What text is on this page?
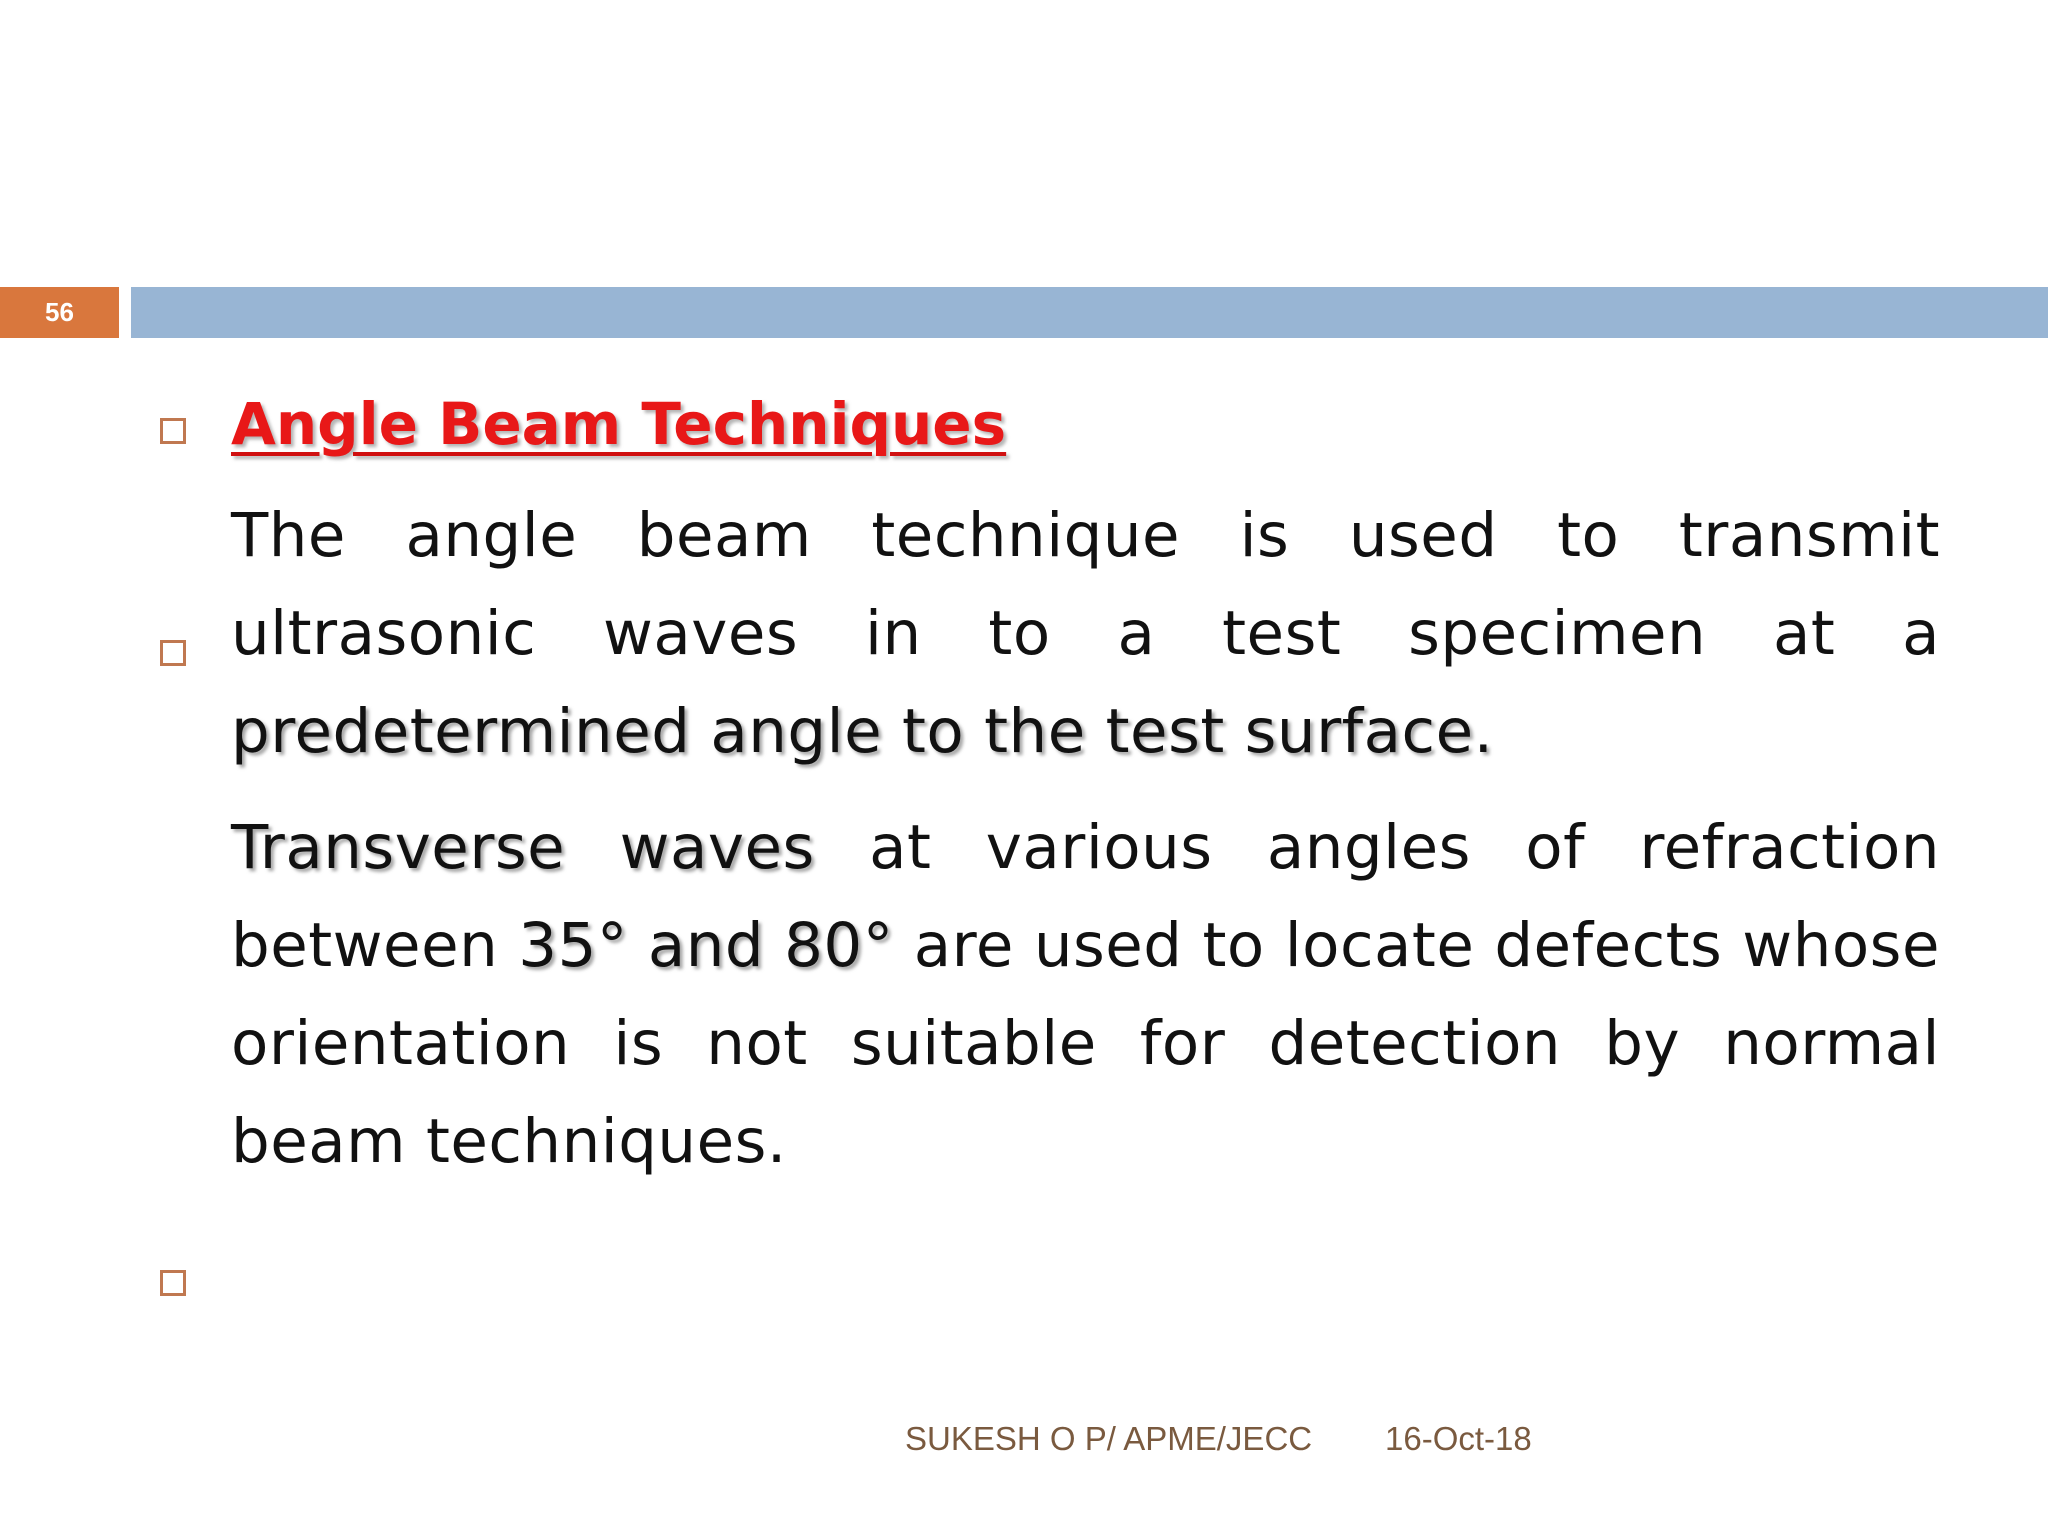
56
Angle Beam Techniques
The angle beam technique is used to transmit ultrasonic waves in to a test specimen at a predetermined angle to the test surface.
Transverse waves at various angles of refraction between 35° and 80° are used to locate defects whose orientation is not suitable for detection by normal beam techniques.
SUKESH O P/ APME/JECC 16-Oct-18
